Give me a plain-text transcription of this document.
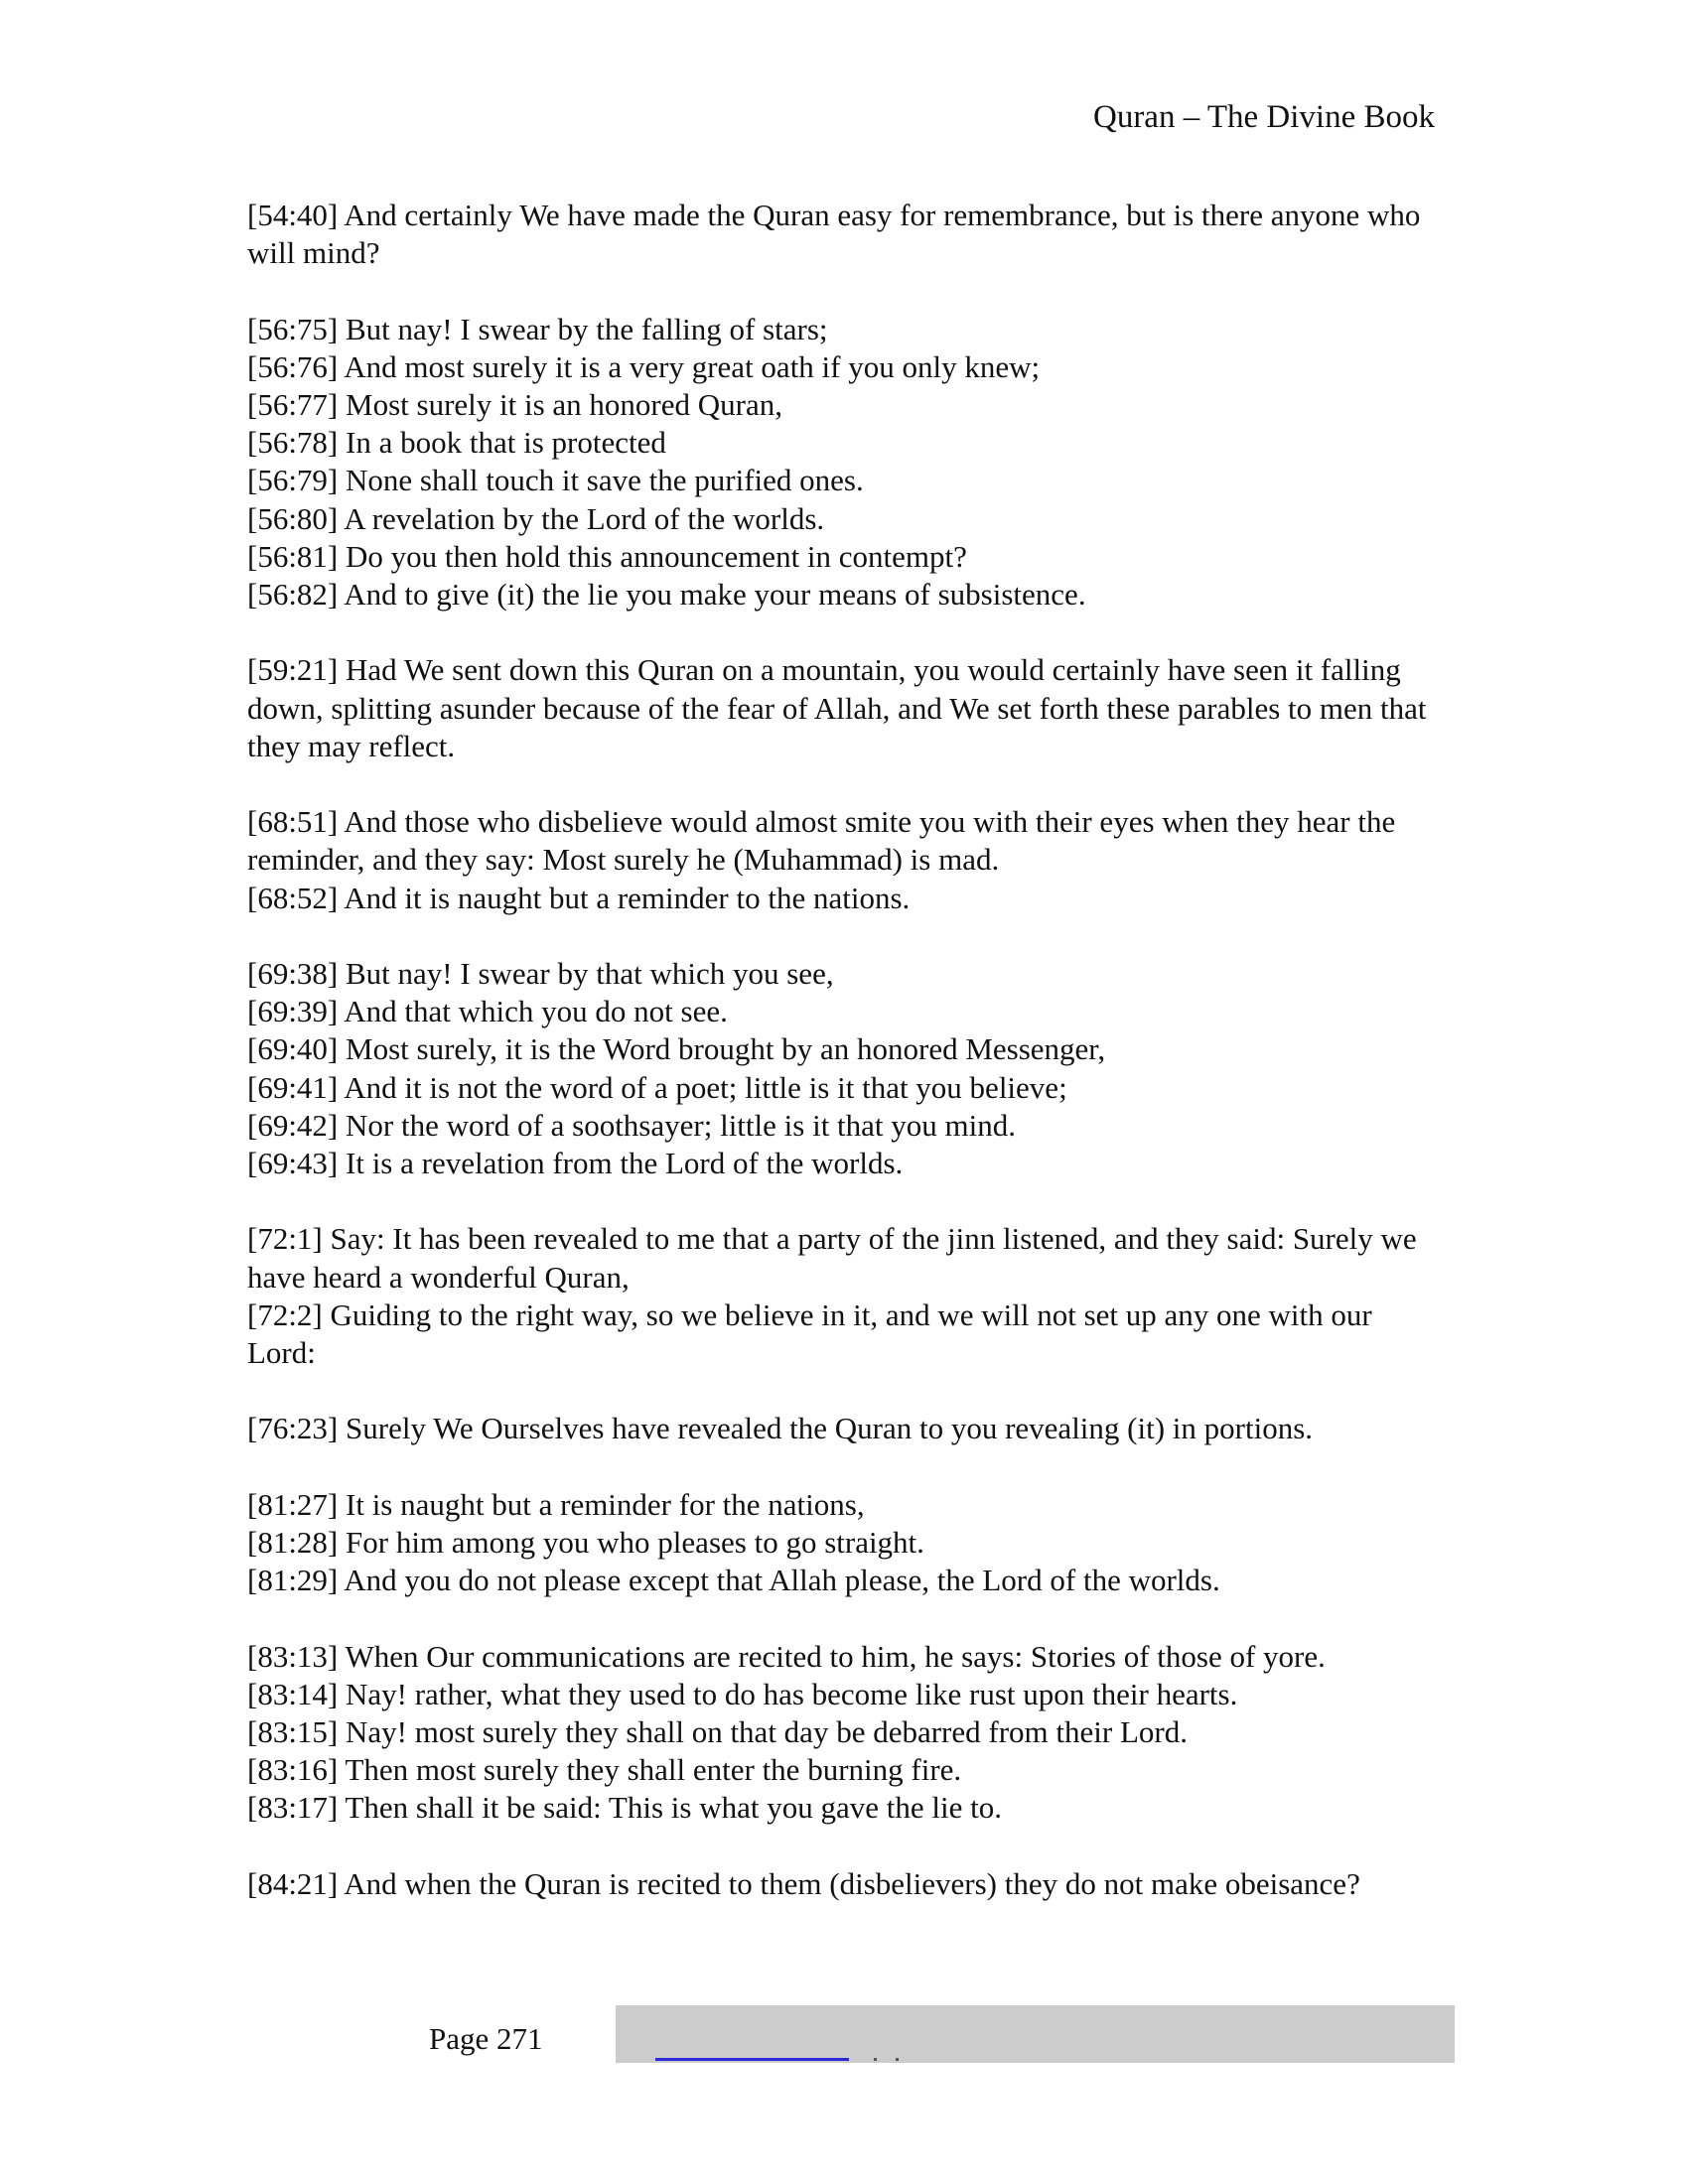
Quran – The Divine Book
[54:40] And certainly We have made the Quran easy for remembrance, but is there anyone who will mind?
[56:75] But nay! I swear by the falling of stars;
[56:76] And most surely it is a very great oath if you only knew;
[56:77] Most surely it is an honored Quran,
[56:78] In a book that is protected
[56:79] None shall touch it save the purified ones.
[56:80] A revelation by the Lord of the worlds.
[56:81] Do you then hold this announcement in contempt?
[56:82] And to give (it) the lie you make your means of subsistence.
[59:21] Had We sent down this Quran on a mountain, you would certainly have seen it falling down, splitting asunder because of the fear of Allah, and We set forth these parables to men that they may reflect.
[68:51] And those who disbelieve would almost smite you with their eyes when they hear the reminder, and they say: Most surely he (Muhammad) is mad.
[68:52] And it is naught but a reminder to the nations.
[69:38] But nay! I swear by that which you see,
[69:39] And that which you do not see.
[69:40] Most surely, it is the Word brought by an honored Messenger,
[69:41] And it is not the word of a poet; little is it that you believe;
[69:42] Nor the word of a soothsayer; little is it that you mind.
[69:43] It is a revelation from the Lord of the worlds.
[72:1] Say: It has been revealed to me that a party of the jinn listened, and they said: Surely we have heard a wonderful Quran,
[72:2] Guiding to the right way, so we believe in it, and we will not set up any one with our Lord:
[76:23] Surely We Ourselves have revealed the Quran to you revealing (it) in portions.
[81:27] It is naught but a reminder for the nations,
[81:28] For him among you who pleases to go straight.
[81:29] And you do not please except that Allah please, the Lord of the worlds.
[83:13] When Our communications are recited to him, he says: Stories of those of yore.
[83:14] Nay! rather, what they used to do has become like rust upon their hearts.
[83:15] Nay! most surely they shall on that day be debarred from their Lord.
[83:16] Then most surely they shall enter the burning fire.
[83:17] Then shall it be said: This is what you gave the lie to.
[84:21] And when the Quran is recited to them (disbelievers) they do not make obeisance?
Page 271
